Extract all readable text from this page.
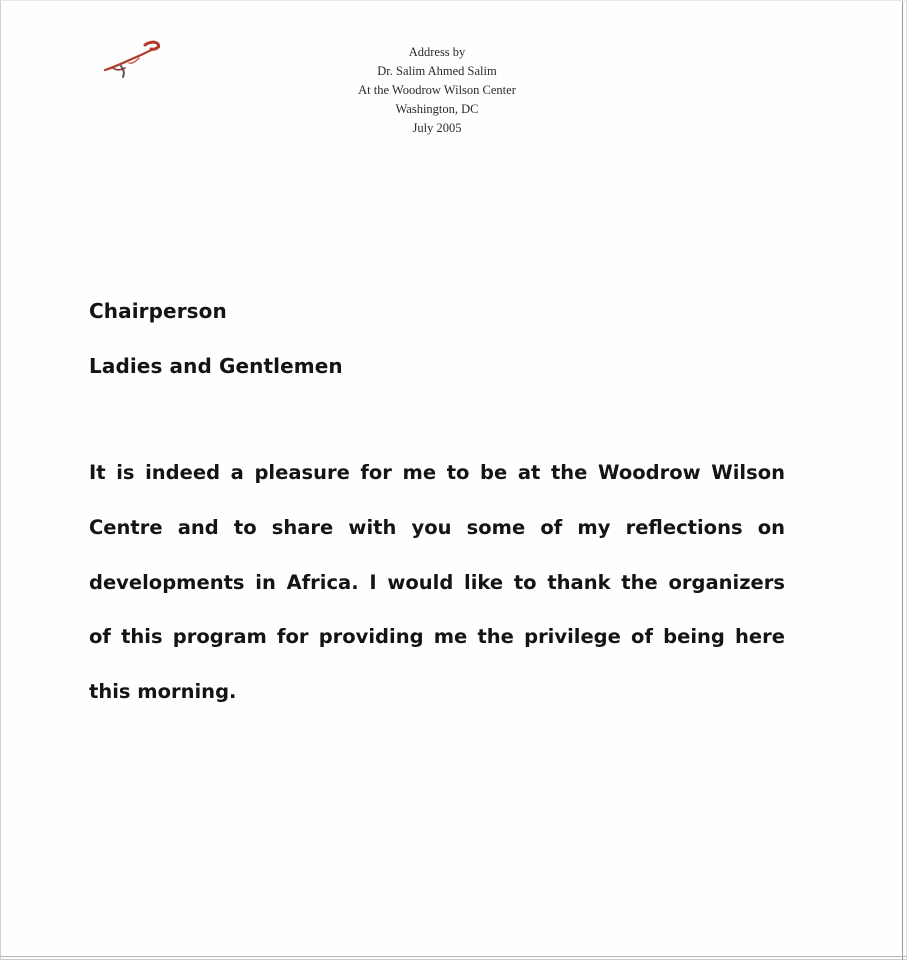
Address by
Dr. Salim Ahmed Salim
At the Woodrow Wilson Center
Washington, DC
July 2005
Chairperson
Ladies and Gentlemen
It is indeed a pleasure for me to be at the Woodrow Wilson
Centre and to share with you some of my reflections on
developments in Africa. I would like to thank the organizers
of this program for providing me the privilege of being here
this morning.
